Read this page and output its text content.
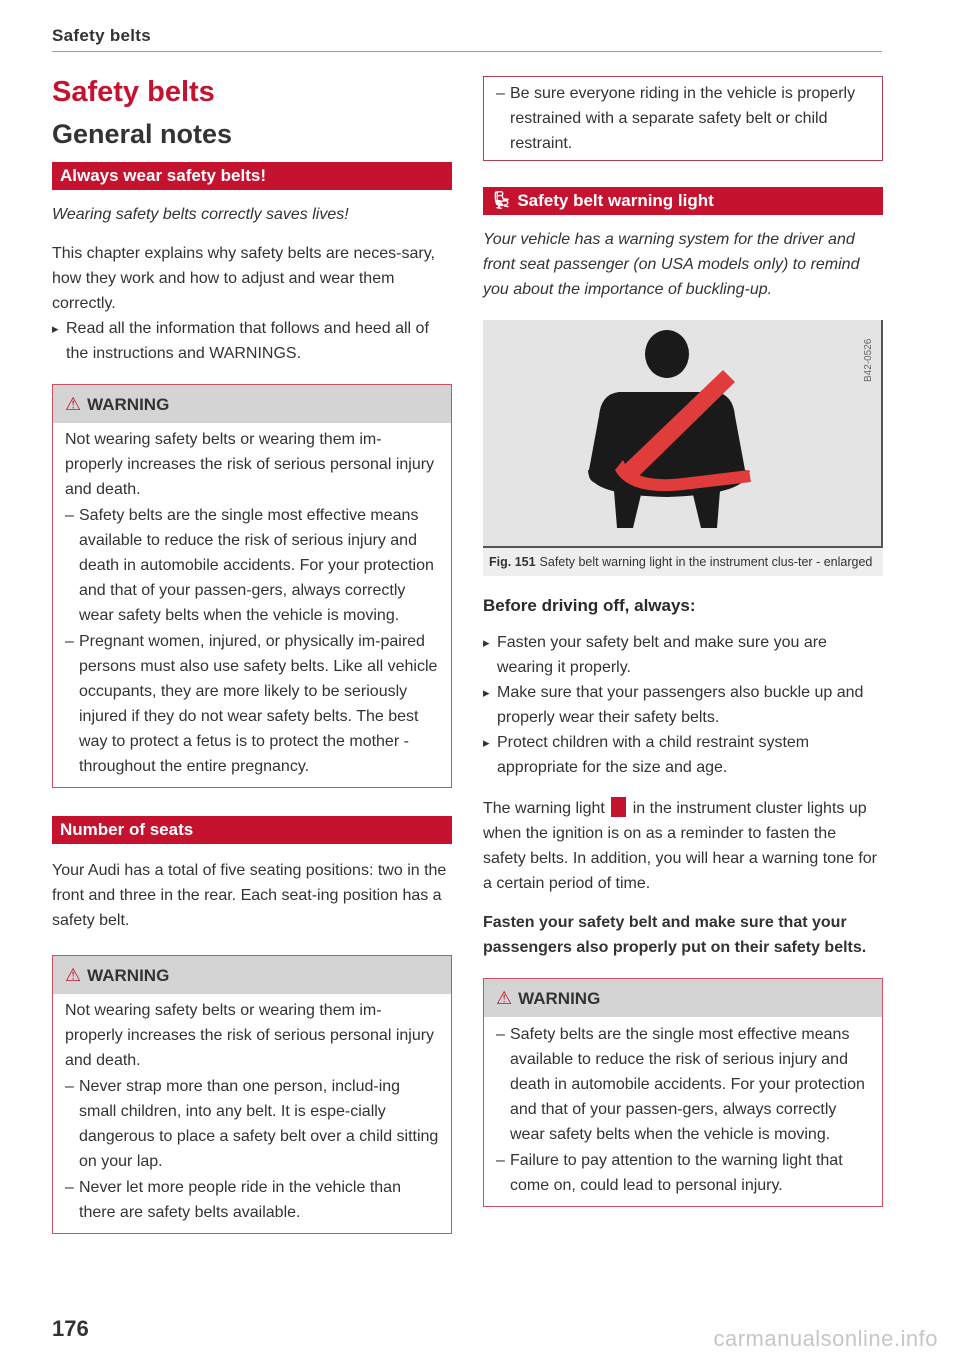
Safety belts
Safety belts
General notes
Always wear safety belts!
Wearing safety belts correctly saves lives!

This chapter explains why safety belts are neces-sary, how they work and how to adjust and wear them correctly.

▸ Read all the information that follows and heed all of the instructions and WARNINGS.

⚠ WARNING

Not wearing safety belts or wearing them im-properly increases the risk of serious personal injury and death.

– Safety belts are the single most effective means available to reduce the risk of serious injury and death in automobile accidents. For your protection and that of your passen-gers, always correctly wear safety belts when the vehicle is moving.

– Pregnant women, injured, or physically im-paired persons must also use safety belts. Like all vehicle occupants, they are more likely to be seriously injured if they do not wear safety belts. The best way to protect a fetus is to protect the mother - throughout the entire pregnancy.

Number of seats

Your Audi has a total of five seating positions: two in the front and three in the rear. Each seat-ing position has a safety belt.

⚠ WARNING

Not wearing safety belts or wearing them im-properly increases the risk of serious personal injury and death.

– Never strap more than one person, includ-ing small children, into any belt. It is espe-cially dangerous to place a safety belt over a child sitting on your lap.

– Never let more people ride in the vehicle than there are safety belts available.

– Be sure everyone riding in the vehicle is properly restrained with a separate safety belt or child restraint.

💺︎ Safety belt warning light
Your vehicle has a warning system for the driver and front seat passenger (on USA models only) to remind you about the importance of buckling-up.
B42-0526
Fig. 151 Safety belt warning light in the instrument clus-ter - enlarged
Before driving off, always:

▸ Fasten your safety belt and make sure you are wearing it properly.

▸ Make sure that your passengers also buckle up and properly wear their safety belts.

▸ Protect children with a child restraint system appropriate for the size and age.

The warning light in the instrument cluster lights up when the ignition is on as a reminder to fasten the safety belts. In addition, you will hear a warning tone for a certain period of time.

Fasten your safety belt and make sure that your passengers also properly put on their safety belts.

⚠ WARNING

– Safety belts are the single most effective means available to reduce the risk of serious injury and death in automobile accidents. For your protection and that of your passen-gers, always correctly wear safety belts when the vehicle is moving.

– Failure to pay attention to the warning light that come on, could lead to personal injury.

176	carmanualsonline.info
